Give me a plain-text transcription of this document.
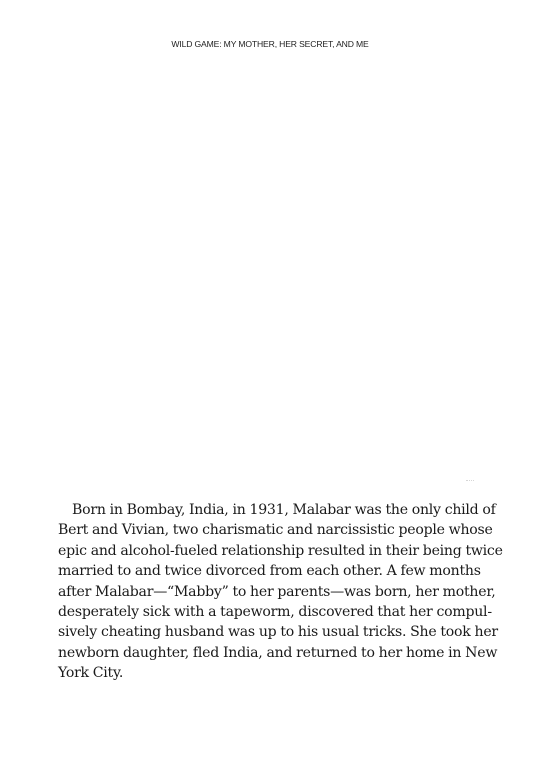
WILD GAME: MY MOTHER, HER SECRET, AND ME

Born in Bombay, India, in 1931, Malabar was the only child of
Bert and Vivian, two charismatic and narcissistic people whose
epic and alcohol-fueled relationship resulted in their being twice
married to and twice divorced from each other. A few months
after Malabar—“Mabby” to her parents—was born, her mother,
desperately sick with a tapeworm, discovered that her compul-
sively cheating husband was up to his usual tricks. She took her
newborn daughter, fled India, and returned to her home in New
York City.
